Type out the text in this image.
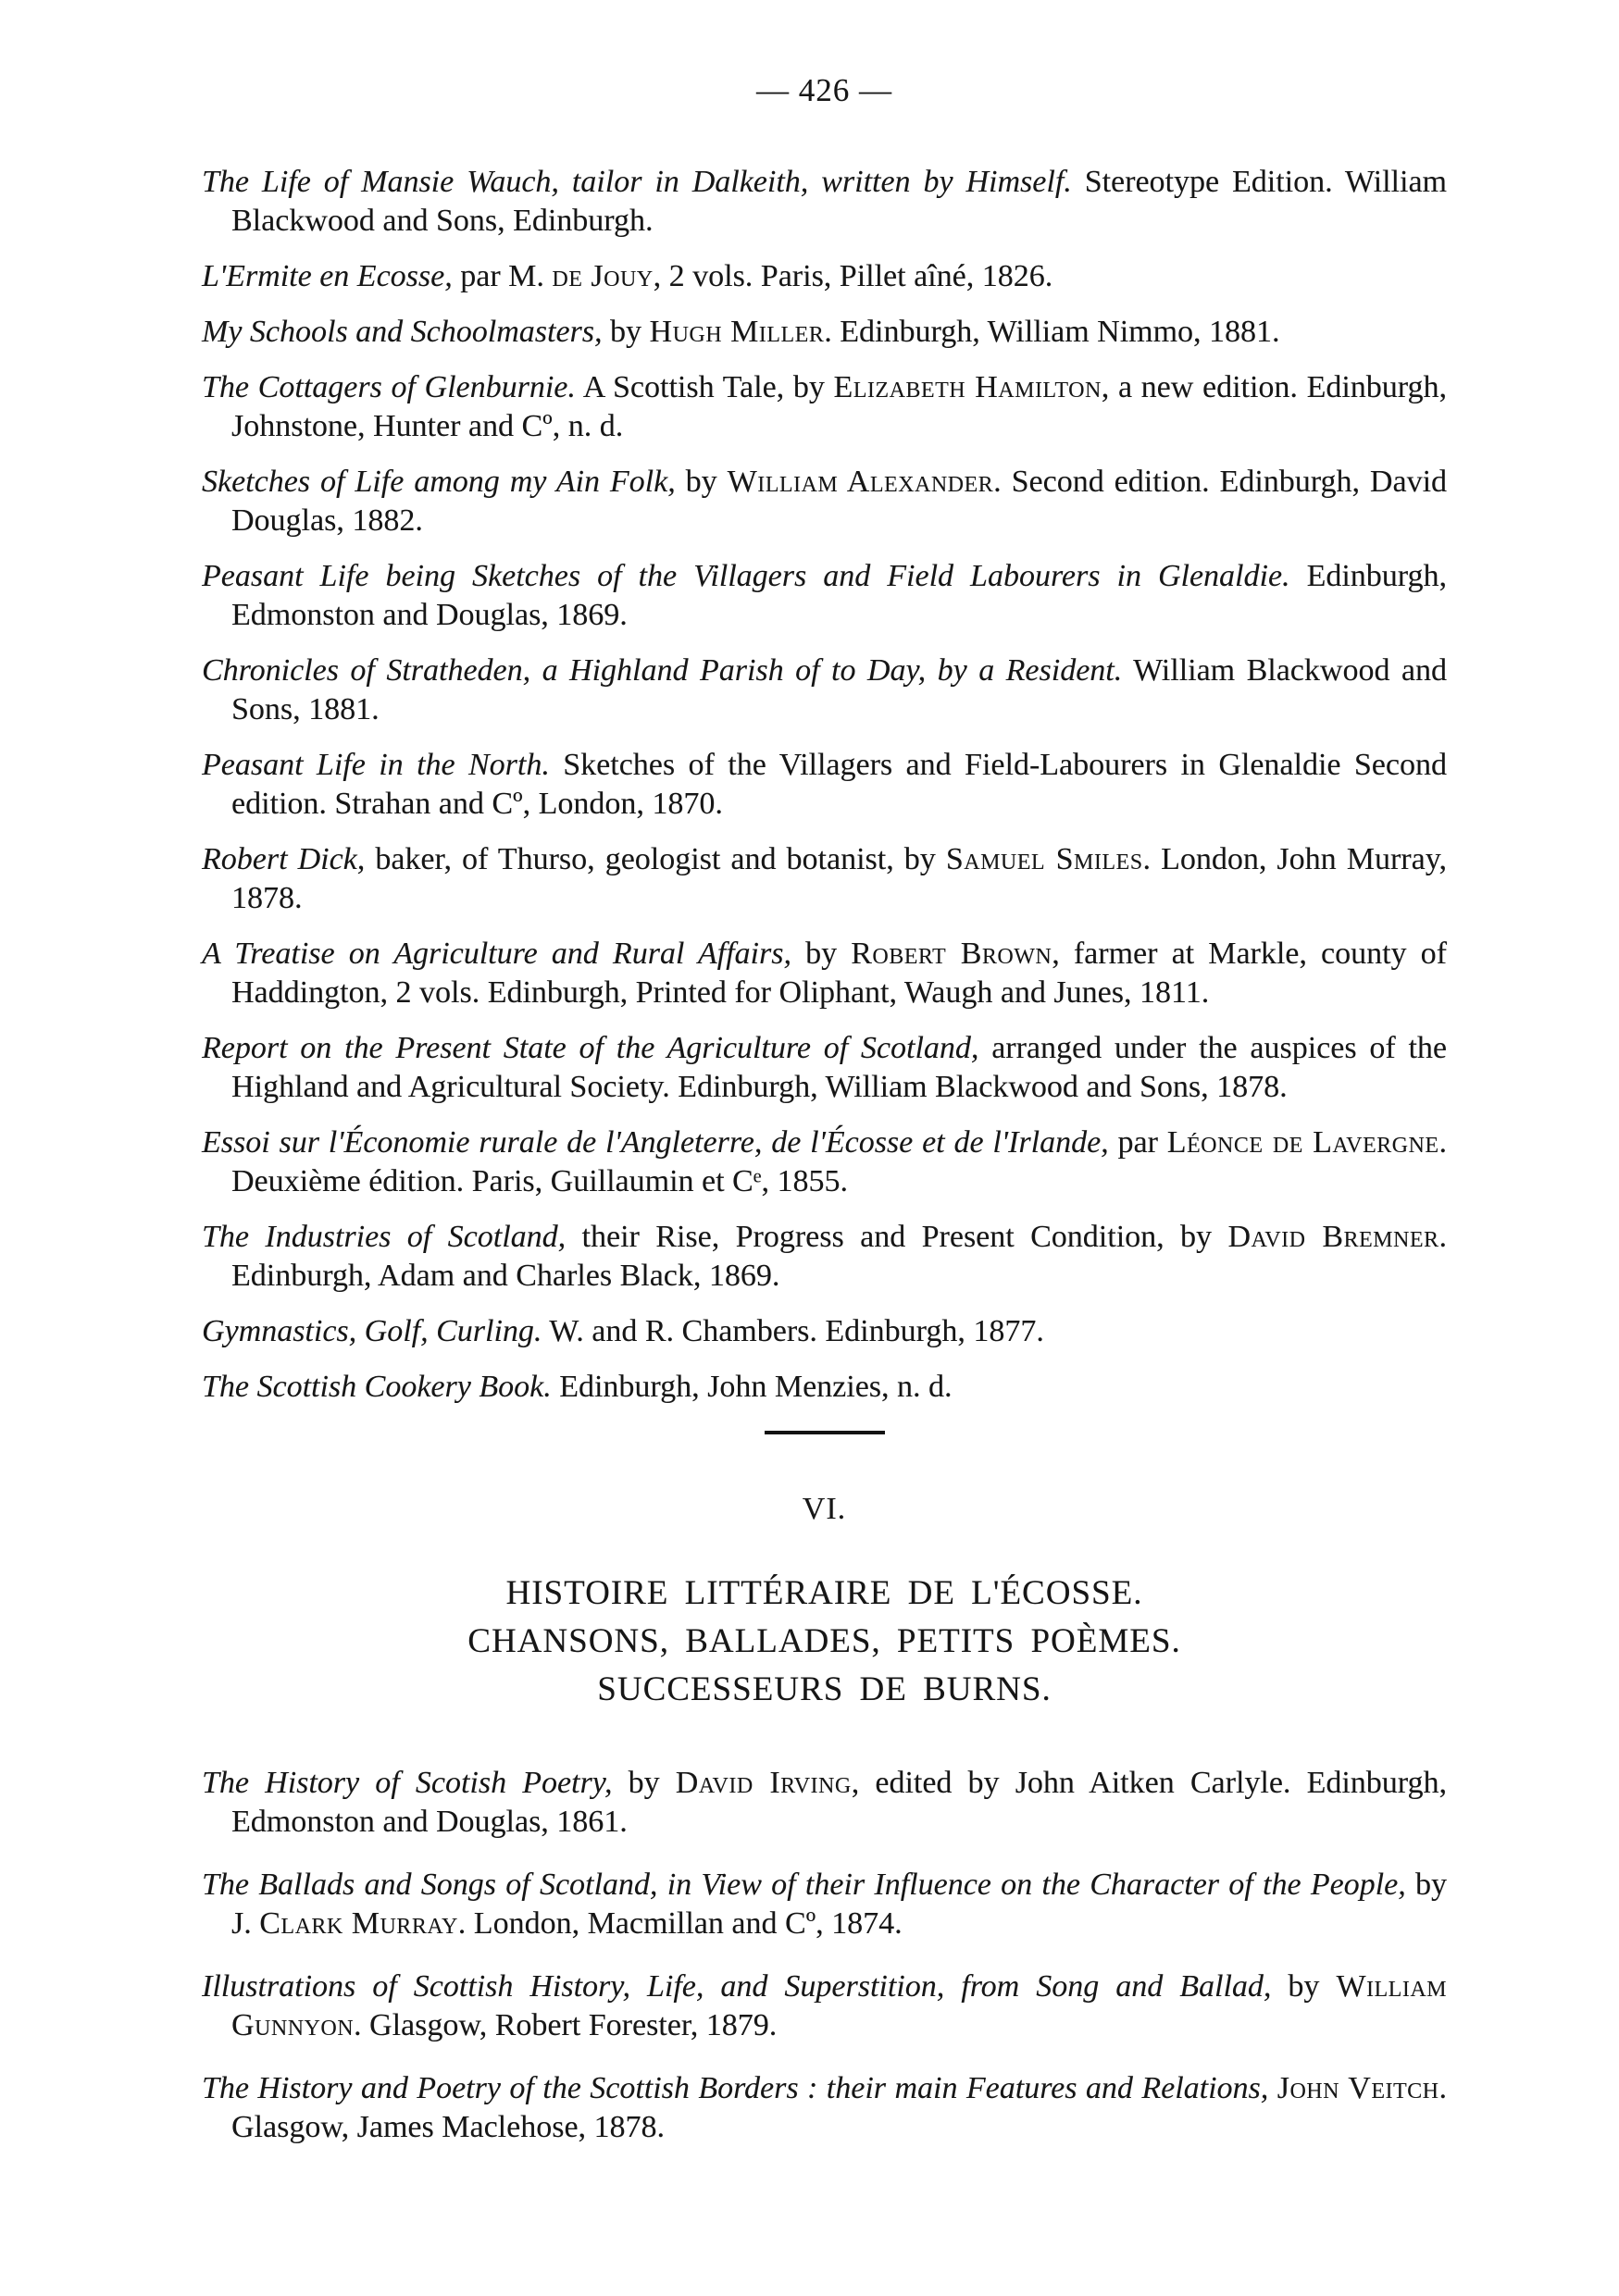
— 426 —

The Life of Mansie Wauch, tailor in Dalkeith, written by Himself. Stereotype Edition. William Blackwood and Sons, Edinburgh.

L'Ermite en Ecosse, par M. de Jouy, 2 vols. Paris, Pillet aîné, 1826.

My Schools and Schoolmasters, by Hugh Miller. Edinburgh, William Nimmo, 1881.

The Cottagers of Glenburnie. A Scottish Tale, by Elizabeth Hamilton, a new edition. Edinburgh, Johnstone, Hunter and Cº, n. d.

Sketches of Life among my Ain Folk, by William Alexander. Second edition. Edinburgh, David Douglas, 1882.

Peasant Life being Sketches of the Villagers and Field Labourers in Glenaldie. Edinburgh, Edmonston and Douglas, 1869.

Chronicles of Stratheden, a Highland Parish of to Day, by a Resident. William Blackwood and Sons, 1881.

Peasant Life in the North. Sketches of the Villagers and Field-Labourers in Glenaldie Second edition. Strahan and Cº, London, 1870.

Robert Dick, baker, of Thurso, geologist and botanist, by Samuel Smiles. London, John Murray, 1878.

A Treatise on Agriculture and Rural Affairs, by Robert Brown, farmer at Markle, county of Haddington, 2 vols. Edinburgh, Printed for Oliphant, Waugh and Junes, 1811.

Report on the Present State of the Agriculture of Scotland, arranged under the auspices of the Highland and Agricultural Society. Edinburgh, William Blackwood and Sons, 1878.

Essoi sur l'Économie rurale de l'Angleterre, de l'Écosse et de l'Irlande, par Léonce de Lavergne. Deuxième édition. Paris, Guillaumin et Cᵉ, 1855.

The Industries of Scotland, their Rise, Progress and Present Condition, by David Bremner. Edinburgh, Adam and Charles Black, 1869.

Gymnastics, Golf, Curling. W. and R. Chambers. Edinburgh, 1877.

The Scottish Cookery Book. Edinburgh, John Menzies, n. d.

VI.
HISTOIRE LITTÉRAIRE DE L'ÉCOSSE.
CHANSONS, BALLADES, PETITS POÈMES.
SUCCESSEURS DE BURNS.

The History of Scotish Poetry, by David Irving, edited by John Aitken Carlyle. Edinburgh, Edmonston and Douglas, 1861.

The Ballads and Songs of Scotland, in View of their Influence on the Character of the People, by J. Clark Murray. London, Macmillan and Cº, 1874.

Illustrations of Scottish History, Life, and Superstition, from Song and Ballad, by William Gunnyon. Glasgow, Robert Forester, 1879.

The History and Poetry of the Scottish Borders : their main Features and Relations, John Veitch. Glasgow, James Maclehose, 1878.
